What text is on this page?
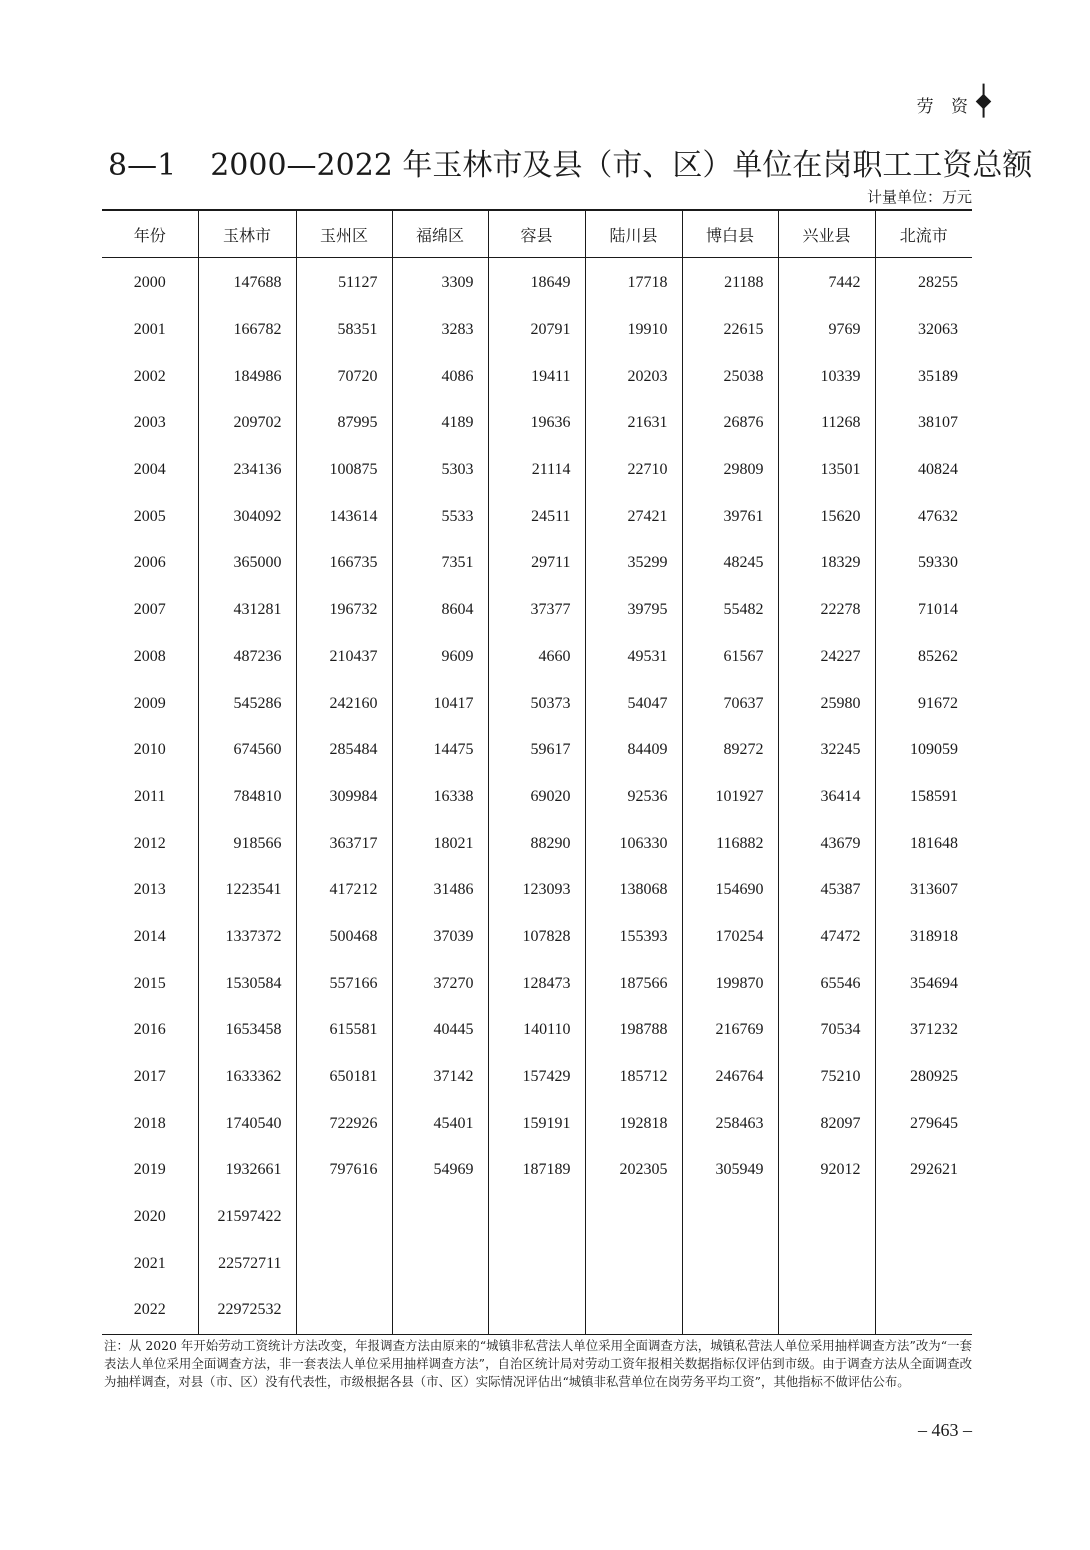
劳 资
8—1 2000—2022 年玉林市及县（市、区）单位在岗职工工资总额
计量单位：万元
年份	玉林市	玉州区	福绵区	容县	陆川县	博白县	兴业县	北流市
2000	147688	51127	3309	18649	17718	21188	7442	28255
2001	166782	58351	3283	20791	19910	22615	9769	32063
2002	184986	70720	4086	19411	20203	25038	10339	35189
2003	209702	87995	4189	19636	21631	26876	11268	38107
2004	234136	100875	5303	21114	22710	29809	13501	40824
2005	304092	143614	5533	24511	27421	39761	15620	47632
2006	365000	166735	7351	29711	35299	48245	18329	59330
2007	431281	196732	8604	37377	39795	55482	22278	71014
2008	487236	210437	9609	4660	49531	61567	24227	85262
2009	545286	242160	10417	50373	54047	70637	25980	91672
2010	674560	285484	14475	59617	84409	89272	32245	109059
2011	784810	309984	16338	69020	92536	101927	36414	158591
2012	918566	363717	18021	88290	106330	116882	43679	181648
2013	1223541	417212	31486	123093	138068	154690	45387	313607
2014	1337372	500468	37039	107828	155393	170254	47472	318918
2015	1530584	557166	37270	128473	187566	199870	65546	354694
2016	1653458	615581	40445	140110	198788	216769	70534	371232
2017	1633362	650181	37142	157429	185712	246764	75210	280925
2018	1740540	722926	45401	159191	192818	258463	82097	279645
2019	1932661	797616	54969	187189	202305	305949	92012	292621
2020	21597422							
2021	22572711							
2022	22972532							
注：从 2020 年开始劳动工资统计方法改变，年报调查方法由原来的“城镇非私营法人单位采用全面调查方法，城镇私营法人单位采用抽样调查方法”改为“一套表法人单位采用全面调查方法，非一套表法人单位采用抽样调查方法”，自治区统计局对劳动工资年报相关数据指标仅评估到市级。由于调查方法从全面调查改为抽样调查，对县（市、区）没有代表性，市级根据各县（市、区）实际情况评估出“城镇非私营单位在岗劳务平均工资”，其他指标不做评估公布。
– 463 –
